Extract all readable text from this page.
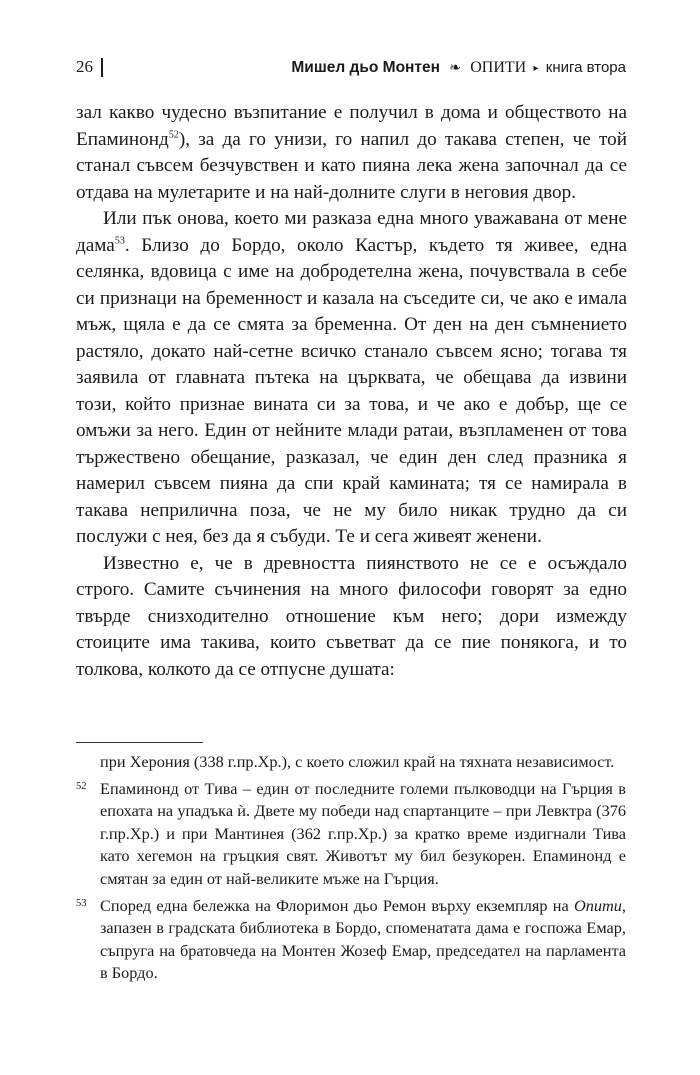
26	Мишел дьо Монтен ❧ ОПИТИ ▸ книга втора

зал какво чудесно възпитание е получил в дома и обществото на Епаминонд$^{52}$), за да го унизи, го напил до такава степен, че той станал съвсем безчувствен и като пияна лека жена започнал да се отдава на мулетарите и на най-долните слуги в неговия двор.

Или пък онова, което ми разказа една много уважавана от мене дама$^{53}$. Близо до Бордо, около Кастър, където тя живее, една селянка, вдовица с име на добродетелна жена, почувствала в себе си признаци на бременност и казала на съседите си, че ако е имала мъж, щяла е да се смята за бременна. От ден на ден съмнението растяло, докато най-сетне всичко станало съвсем ясно; тогава тя заявила от главната пътека на църквата, че обещава да извини този, който признае вината си за това, и че ако е добър, ще се омъжи за него. Един от нейните млади ратаи, възпламенен от това тържествено обещание, разказал, че един ден след празника я намерил съвсем пияна да спи край камината; тя се намирала в такава неприлична поза, че не му било никак трудно да си послужи с нея, без да я събуди. Те и сега живеят женени.

Известно е, че в древността пиянството не се е осъждало строго. Самите съчинения на много философи говорят за едно твърде снизходително отношение към него; дори измежду стоиците има такива, които съветват да се пие понякога, и то толкова, колкото да се отпусне душата:

при Херония (338 г.пр.Хр.), с което сложил край на тяхната независимост.
52 Епаминонд от Тива – един от последните големи пълководци на Гърция в епохата на упадъка ѝ. Двете му победи над спартанците – при Левктра (376 г.пр.Хр.) и при Мантинея (362 г.пр.Хр.) за кратко време издигнали Тива като хегемон на гръцкия свят. Животът му бил безукорен. Епаминонд е смятан за един от най-великите мъже на Гърция.
53 Според една бележка на Флоримон дьо Ремон върху екземпляр на Опити, запазен в градската библиотека в Бордо, споменатата дама е госпожа Емар, съпруга на братовчеда на Монтен Жозеф Емар, председател на парламента в Бордо.
